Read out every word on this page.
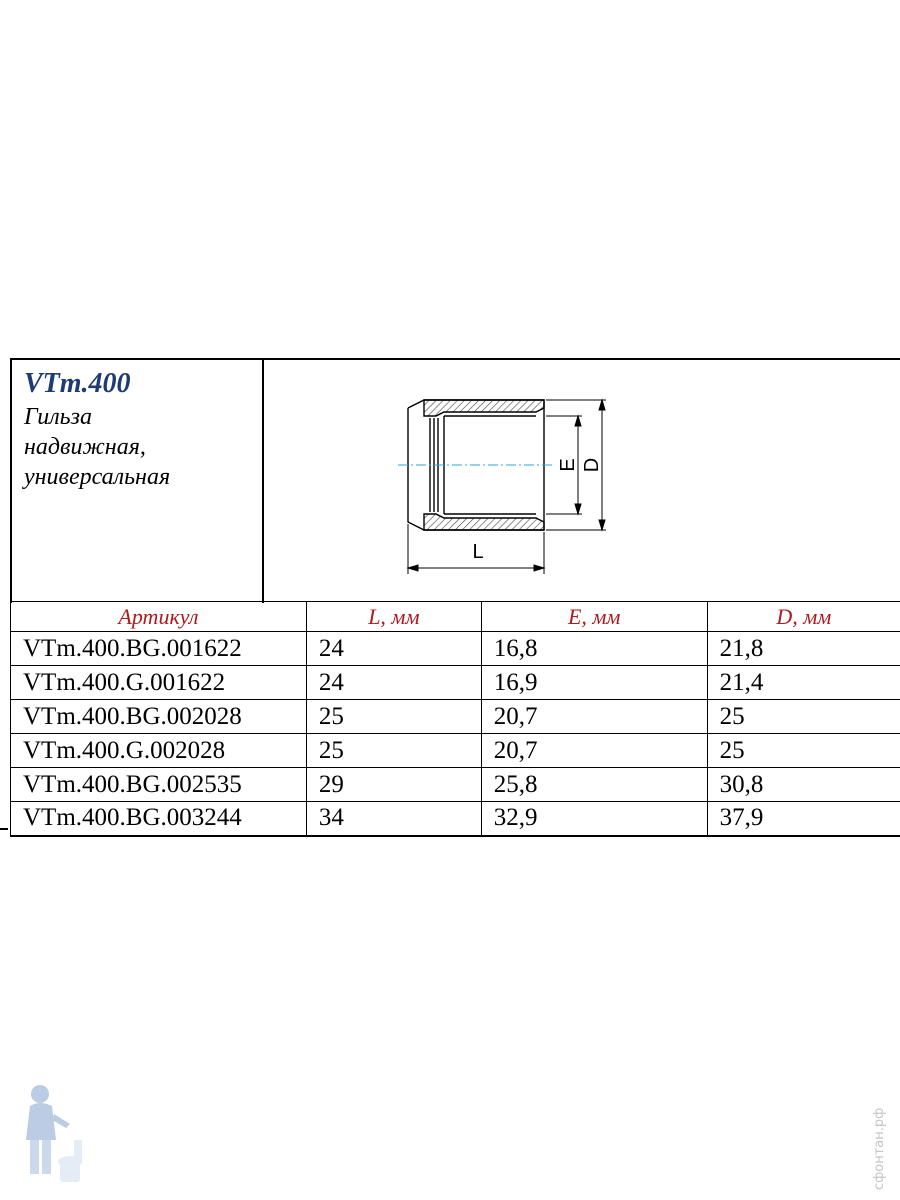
VTm.400
Гильза
надвижная,
универсальная	E D
L
Артикул	L, мм	E, мм	D, мм
VTm.400.BG.001622	24	16,8	21,8
VTm.400.G.001622	24	16,9	21,4
VTm.400.BG.002028	25	20,7	25
VTm.400.G.002028	25	20,7	25
VTm.400.BG.002535	29	25,8	30,8
VTm.400.BG.003244	34	32,9	37,9
сфонтан.рф
